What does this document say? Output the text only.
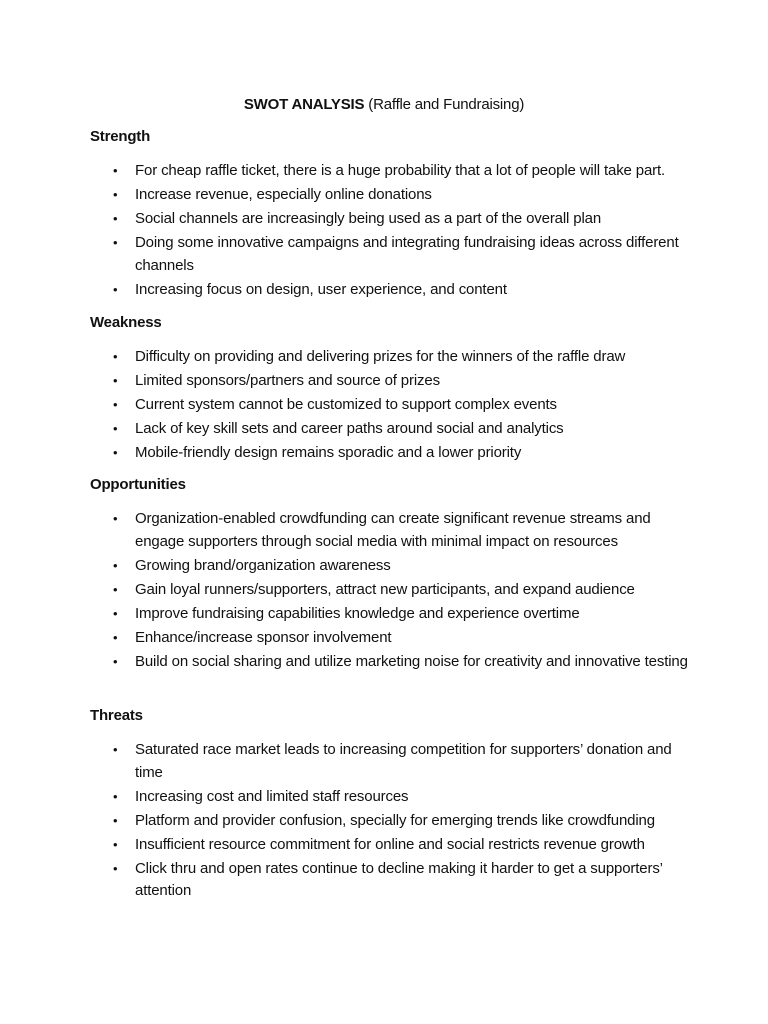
SWOT ANALYSIS (Raffle and Fundraising)
Strength
• For cheap raffle ticket, there is a huge probability that a lot of people will take part.
• Increase revenue, especially online donations
• Social channels are increasingly being used as a part of the overall plan
• Doing some innovative campaigns and integrating fundraising ideas across different channels
• Increasing focus on design, user experience, and content
Weakness
• Difficulty on providing and delivering prizes for the winners of the raffle draw
• Limited sponsors/partners and source of prizes
• Current system cannot be customized to support complex events
• Lack of key skill sets and career paths around social and analytics
• Mobile-friendly design remains sporadic and a lower priority
Opportunities
• Organization-enabled crowdfunding can create significant revenue streams and engage supporters through social media with minimal impact on resources
• Growing brand/organization awareness
• Gain loyal runners/supporters, attract new participants, and expand audience
• Improve fundraising capabilities knowledge and experience overtime
• Enhance/increase sponsor involvement
• Build on social sharing and utilize marketing noise for creativity and innovative testing
Threats
• Saturated race market leads to increasing competition for supporters’ donation and time
• Increasing cost and limited staff resources
• Platform and provider confusion, specially for emerging trends like crowdfunding
• Insufficient resource commitment for online and social restricts revenue growth
• Click thru and open rates continue to decline making it harder to get a supporters’ attention
